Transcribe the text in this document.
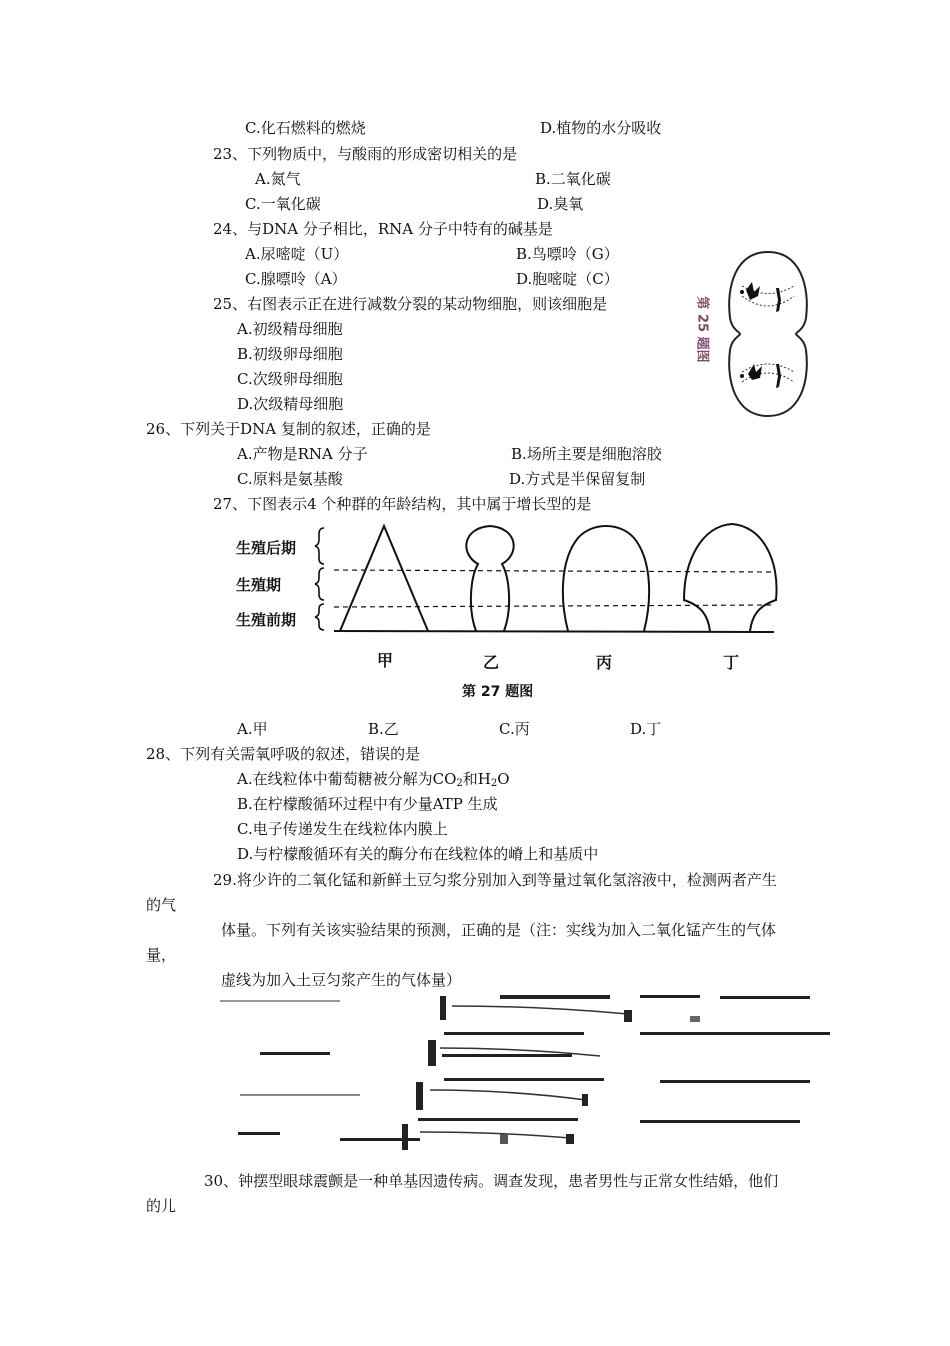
C.化石燃料的燃烧	D.植物的水分吸收
23、下列物质中，与酸雨的形成密切相关的是
A.氮气	B.二氧化碳
C.一氧化碳	D.臭氧
24、与DNA 分子相比，RNA 分子中特有的碱基是
A.尿嘧啶（U）	B.鸟嘌呤（G）
C.腺嘌呤（A）	D.胞嘧啶（C）
25、右图表示正在进行减数分裂的某动物细胞，则该细胞是
A.初级精母细胞
B.初级卵母细胞
C.次级卵母细胞
D.次级精母细胞
第 25 题图
26、下列关于DNA 复制的叙述，正确的是
A.产物是RNA 分子	B.场所主要是细胞溶胶
C.原料是氨基酸	D.方式是半保留复制
27、下图表示4 个种群的年龄结构，其中属于增长型的是
生殖后期
生殖期
生殖前期
甲	乙	丙	丁
第 27 题图
A.甲	B.乙	C.丙	D.丁
28、下列有关需氧呼吸的叙述，错误的是
A.在线粒体中葡萄糖被分解为$CO_2$和$H_2O$
B.在柠檬酸循环过程中有少量ATP 生成
C.电子传递发生在线粒体内膜上
D.与柠檬酸循环有关的酶分布在线粒体的嵴上和基质中
29.将少许的二氧化锰和新鲜土豆匀浆分别加入到等量过氧化氢溶液中，检测两者产生
的气
体量。下列有关该实验结果的预测，正确的是（注：实线为加入二氧化锰产生的气体
量，
虚线为加入土豆匀浆产生的气体量）
30、钟摆型眼球震颤是一种单基因遗传病。调查发现，患者男性与正常女性结婚，他们
的儿
